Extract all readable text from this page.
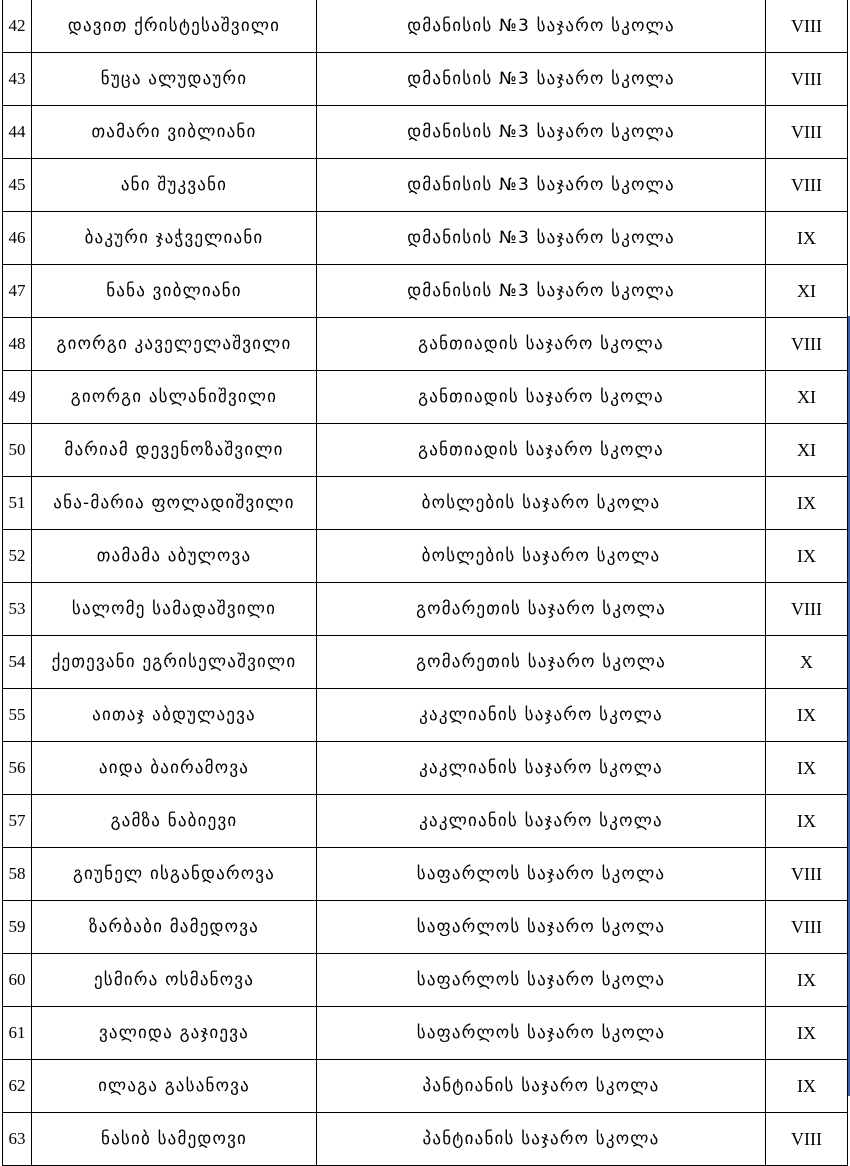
42	დავით ქრისტესაშვილი	დმანისის №3 საჯარო სკოლა	VIII
43	ნუცა ალუდაური	დმანისის №3 საჯარო სკოლა	VIII
44	თამარი ვიბლიანი	დმანისის №3 საჯარო სკოლა	VIII
45	ანი შუკვანი	დმანისის №3 საჯარო სკოლა	VIII
46	ბაკური ჯაჭველიანი	დმანისის №3 საჯარო სკოლა	IX
47	ნანა ვიბლიანი	დმანისის №3 საჯარო სკოლა	XI
48	გიორგი კაველელაშვილი	განთიადის საჯარო სკოლა	VIII
49	გიორგი ასლანიშვილი	განთიადის საჯარო სკოლა	XI
50	მარიამ დევენოზაშვილი	განთიადის საჯარო სკოლა	XI
51	ანა-მარია ფოლადიშვილი	ბოსლების საჯარო სკოლა	IX
52	თამამა აბულოვა	ბოსლების საჯარო სკოლა	IX
53	სალომე სამადაშვილი	გომარეთის საჯარო სკოლა	VIII
54	ქეთევანი ეგრისელაშვილი	გომარეთის საჯარო სკოლა	X
55	აითაჯ აბდულაევა	კაკლიანის საჯარო სკოლა	IX
56	აიდა ბაირამოვა	კაკლიანის საჯარო სკოლა	IX
57	გამზა ნაბიევი	კაკლიანის საჯარო სკოლა	IX
58	გიუნელ ისგანდაროვა	საფარლოს საჯარო სკოლა	VIII
59	ზარბაბი მამედოვა	საფარლოს საჯარო სკოლა	VIII
60	ესმირა ოსმანოვა	საფარლოს საჯარო სკოლა	IX
61	ვალიდა გაჯიევა	საფარლოს საჯარო სკოლა	IX
62	ილაგა გასანოვა	პანტიანის საჯარო სკოლა	IX
63	ნასიბ სამედოვი	პანტიანის საჯარო სკოლა	VIII
